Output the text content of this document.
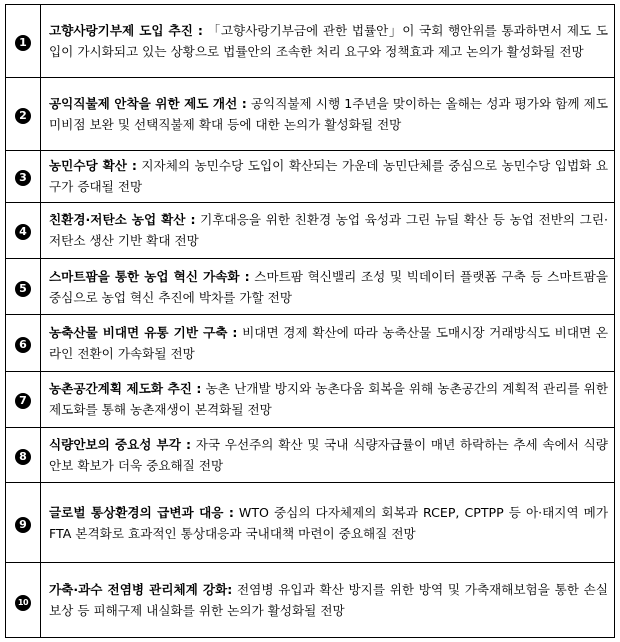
1	고향사랑기부제 도입 추진 : 「고향사랑기부금에 관한 법률안」이 국회 행안위를 통과하면서 제도 도입이 가시화되고 있는 상황으로 법률안의 조속한 처리 요구와 정책효과 제고 논의가 활성화될 전망
2	공익직불제 안착을 위한 제도 개선 : 공익직불제 시행 1주년을 맞이하는 올해는 성과 평가와 함께 제도 미비점 보완 및 선택직불제 확대 등에 대한 논의가 활성화될 전망
3	농민수당 확산 : 지자체의 농민수당 도입이 확산되는 가운데 농민단체를 중심으로 농민수당 입법화 요구가 증대될 전망
4	친환경·저탄소 농업 확산 : 기후대응을 위한 친환경 농업 육성과 그린 뉴딜 확산 등 농업 전반의 그린·저탄소 생산 기반 확대 전망
5	스마트팜을 통한 농업 혁신 가속화 : 스마트팜 혁신밸리 조성 및 빅데이터 플랫폼 구축 등 스마트팜을 중심으로 농업 혁신 추진에 박차를 가할 전망
6	농축산물 비대면 유통 기반 구축 : 비대면 경제 확산에 따라 농축산물 도매시장 거래방식도 비대면 온라인 전환이 가속화될 전망
7	농촌공간계획 제도화 추진 : 농촌 난개발 방지와 농촌다움 회복을 위해 농촌공간의 계획적 관리를 위한 제도화를 통해 농촌재생이 본격화될 전망
8	식량안보의 중요성 부각 : 자국 우선주의 확산 및 국내 식량자급률이 매년 하락하는 추세 속에서 식량안보 확보가 더욱 중요해질 전망
9	글로벌 통상환경의 급변과 대응 : WTO 중심의 다자체제의 회복과 RCEP, CPTPP 등 아·태지역 메가 FTA 본격화로 효과적인 통상대응과 국내대책 마련이 중요해질 전망
10	가축·과수 전염병 관리체계 강화: 전염병 유입과 확산 방지를 위한 방역 및 가축재해보험을 통한 손실 보상 등 피해구제 내실화를 위한 논의가 활성화될 전망
